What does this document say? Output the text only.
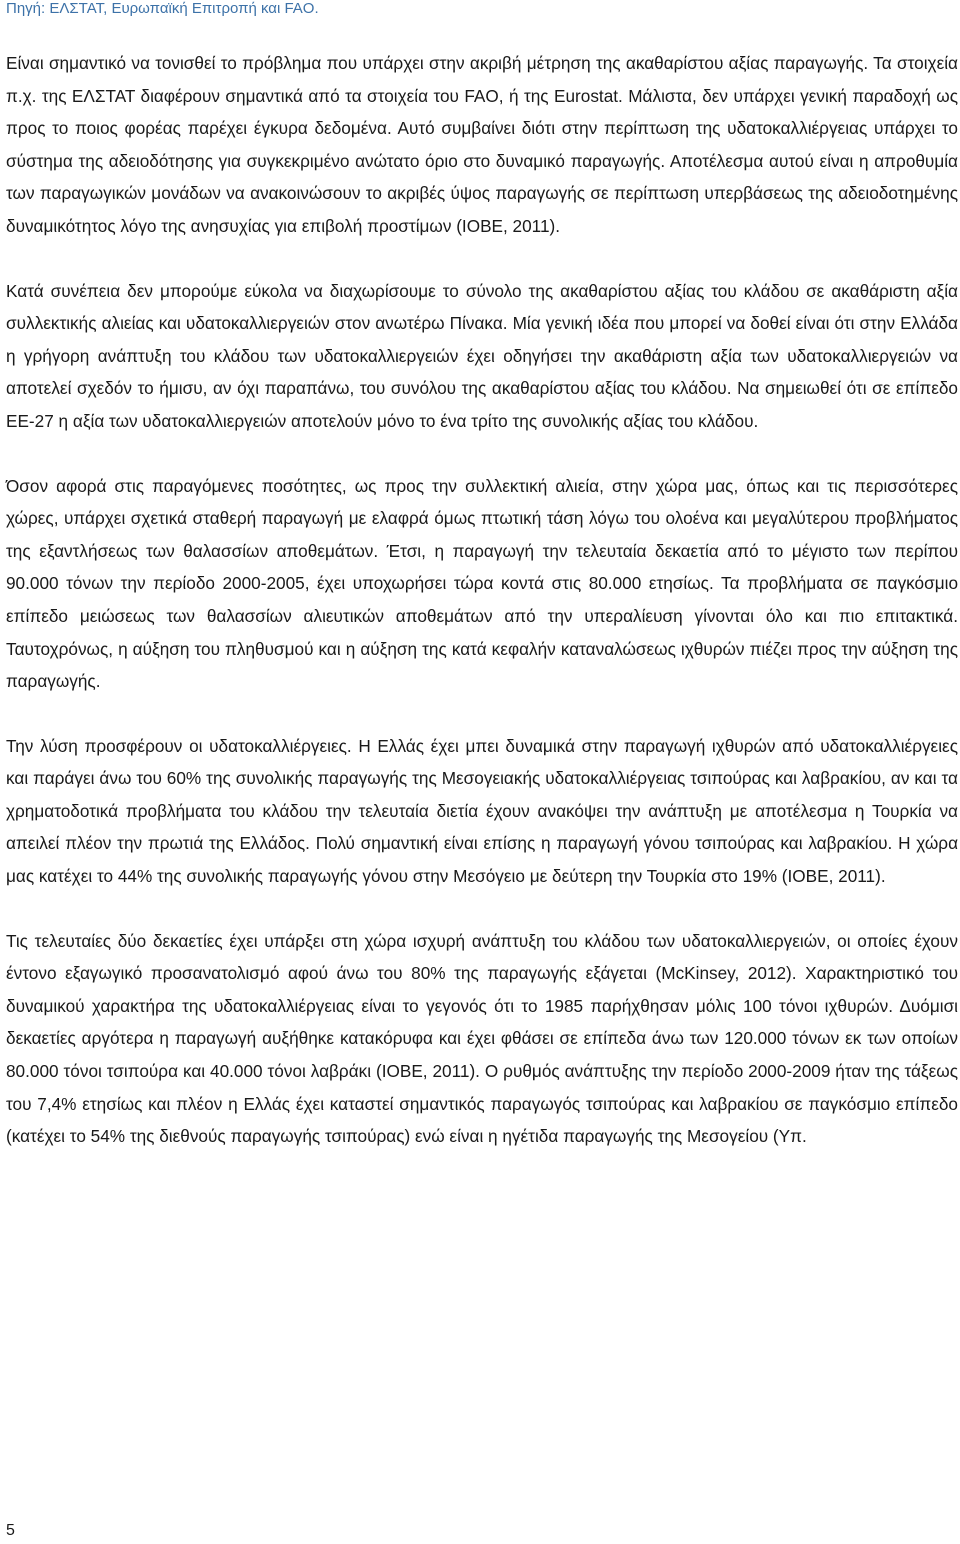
Πηγή: ΕΛΣΤΑΤ, Ευρωπαϊκή Επιτροπή και FAO.

Είναι σημαντικό να τονισθεί το πρόβλημα που υπάρχει στην ακριβή μέτρηση της ακαθαρίστου αξίας παραγωγής. Τα στοιχεία π.χ. της ΕΛΣΤΑΤ διαφέρουν σημαντικά από τα στοιχεία του FAO, ή της Eurostat. Μάλιστα, δεν υπάρχει γενική παραδοχή ως προς το ποιος φορέας παρέχει έγκυρα δεδομένα. Αυτό συμβαίνει διότι στην περίπτωση της υδατοκαλλιέργειας υπάρχει το σύστημα της αδειοδότησης για συγκεκριμένο ανώτατο όριο στο δυναμικό παραγωγής. Αποτέλεσμα αυτού είναι η απροθυμία των παραγωγικών μονάδων να ανακοινώσουν το ακριβές ύψος παραγωγής σε περίπτωση υπερβάσεως της αδειοδοτημένης δυναμικότητος λόγο της ανησυχίας για επιβολή προστίμων (ΙΟΒΕ, 2011).

Κατά συνέπεια δεν μπορούμε εύκολα να διαχωρίσουμε το σύνολο της ακαθαρίστου αξίας του κλάδου σε ακαθάριστη αξία συλλεκτικής αλιείας και υδατοκαλλιεργειών στον ανωτέρω Πίνακα. Μία γενική ιδέα που μπορεί να δοθεί είναι ότι στην Ελλάδα η γρήγορη ανάπτυξη του κλάδου των υδατοκαλλιεργειών έχει οδηγήσει την ακαθάριστη αξία των υδατοκαλλιεργειών να αποτελεί σχεδόν το ήμισυ, αν όχι παραπάνω, του συνόλου της ακαθαρίστου αξίας του κλάδου. Να σημειωθεί ότι σε επίπεδο ΕΕ-27 η αξία των υδατοκαλλιεργειών αποτελούν μόνο το ένα τρίτο της συνολικής αξίας του κλάδου.

Όσον αφορά στις παραγόμενες ποσότητες, ως προς την συλλεκτική αλιεία, στην χώρα μας, όπως και τις περισσότερες χώρες, υπάρχει σχετικά σταθερή παραγωγή με ελαφρά όμως πτωτική τάση λόγω του ολοένα και μεγαλύτερου προβλήματος της εξαντλήσεως των θαλασσίων αποθεμάτων. Έτσι, η παραγωγή την τελευταία δεκαετία από το μέγιστο των περίπου 90.000 τόνων την περίοδο 2000-2005, έχει υποχωρήσει τώρα κοντά στις 80.000 ετησίως. Τα προβλήματα σε παγκόσμιο επίπεδο μειώσεως των θαλασσίων αλιευτικών αποθεμάτων από την υπεραλίευση γίνονται όλο και πιο επιτακτικά. Ταυτοχρόνως, η αύξηση του πληθυσμού και η αύξηση της κατά κεφαλήν καταναλώσεως ιχθυρών πιέζει προς την αύξηση της παραγωγής.

Την λύση προσφέρουν οι υδατοκαλλιέργειες. Η Ελλάς έχει μπει δυναμικά στην παραγωγή ιχθυρών από υδατοκαλλιέργειες και παράγει άνω του 60% της συνολικής παραγωγής της Μεσογειακής υδατοκαλλιέργειας τσιπούρας και λαβρακίου, αν και τα χρηματοδοτικά προβλήματα του κλάδου την τελευταία διετία έχουν ανακόψει την ανάπτυξη με αποτέλεσμα η Τουρκία να απειλεί πλέον την πρωτιά της Ελλάδος. Πολύ σημαντική είναι επίσης η παραγωγή γόνου τσιπούρας και λαβρακίου. Η χώρα μας κατέχει το 44% της συνολικής παραγωγής γόνου στην Μεσόγειο με δεύτερη την Τουρκία στο 19% (ΙΟΒΕ, 2011).

Τις τελευταίες δύο δεκαετίες έχει υπάρξει στη χώρα ισχυρή ανάπτυξη του κλάδου των υδατοκαλλιεργειών, οι οποίες έχουν έντονο εξαγωγικό προσανατολισμό αφού άνω του 80% της παραγωγής εξάγεται (McKinsey, 2012). Χαρακτηριστικό του δυναμικού χαρακτήρα της υδατοκαλλιέργειας είναι το γεγονός ότι το 1985 παρήχθησαν μόλις 100 τόνοι ιχθυρών. Δυόμισι δεκαετίες αργότερα η παραγωγή αυξήθηκε κατακόρυφα και έχει φθάσει σε επίπεδα άνω των 120.000 τόνων εκ των οποίων 80.000 τόνοι τσιπούρα και 40.000 τόνοι λαβράκι (ΙΟΒΕ, 2011). Ο ρυθμός ανάπτυξης την περίοδο 2000-2009 ήταν της τάξεως του 7,4% ετησίως και πλέον η Ελλάς έχει καταστεί σημαντικός παραγωγός τσιπούρας και λαβρακίου σε παγκόσμιο επίπεδο (κατέχει το 54% της διεθνούς παραγωγής τσιπούρας) ενώ είναι η ηγέτιδα παραγωγής της Μεσογείου (Υπ.

5
